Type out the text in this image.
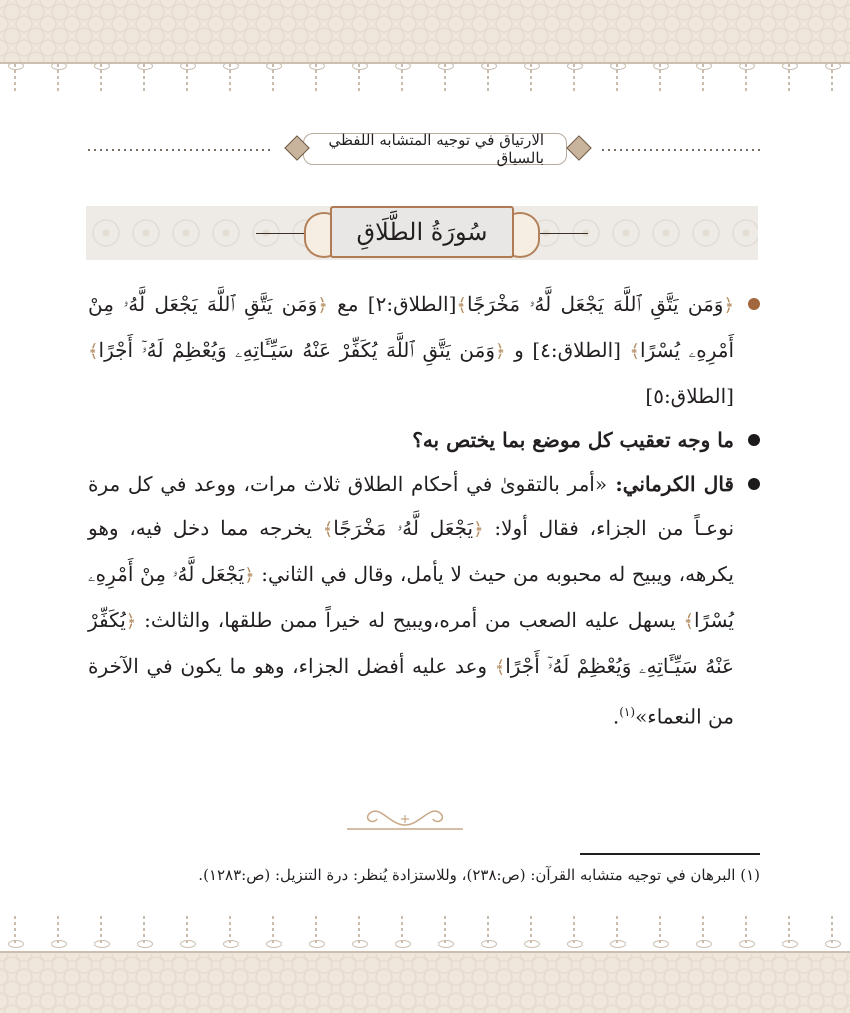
الارتياق في توجيه المتشابه اللفظي بالسياق
سُورَةُ الطَّلَاقِ
﴿وَمَن يَتَّقِ ٱللَّهَ يَجْعَل لَّهُۥ مَخْرَجًا﴾[الطلاق:٢] مع ﴿وَمَن يَتَّقِ ٱللَّهَ يَجْعَل لَّهُۥ مِنْ أَمْرِهِۦ يُسْرًا﴾ [الطلاق:٤] و ﴿وَمَن يَتَّقِ ٱللَّهَ يُكَفِّرْ عَنْهُ سَيِّـَٔاتِهِۦ وَيُعْظِمْ لَهُۥٓ أَجْرًا﴾[الطلاق:٥]
ما وجه تعقيب كل موضع بما يختص به؟
قال الكرماني: «أمر بالتقوىٰ في أحكام الطلاق ثلاث مرات، ووعد في كل مرة نوعـاً من الجزاء، فقال أولا: ﴿يَجْعَل لَّهُۥ مَخْرَجًا﴾ يخرجه مما دخل فيه، وهو يكرهه، ويبيح له محبوبه من حيث لا يأمل، وقال في الثاني: ﴿يَجْعَل لَّهُۥ مِنْ أَمْرِهِۦ يُسْرًا﴾ يسهل عليه الصعب من أمره،ويبيح له خيراً ممن طلقها، والثالث: ﴿يُكَفِّرْ عَنْهُ سَيِّـَٔاتِهِۦ وَيُعْظِمْ لَهُۥٓ أَجْرًا﴾ وعد عليه أفضل الجزاء، وهو ما يكون في الآخرة من النعماء»$^{(١)}$.
(١) البرهان في توجيه متشابه القرآن: (ص:٢٣٨)، وللاستزادة يُنظر: درة التنزيل: (ص:١٢٨٣).
